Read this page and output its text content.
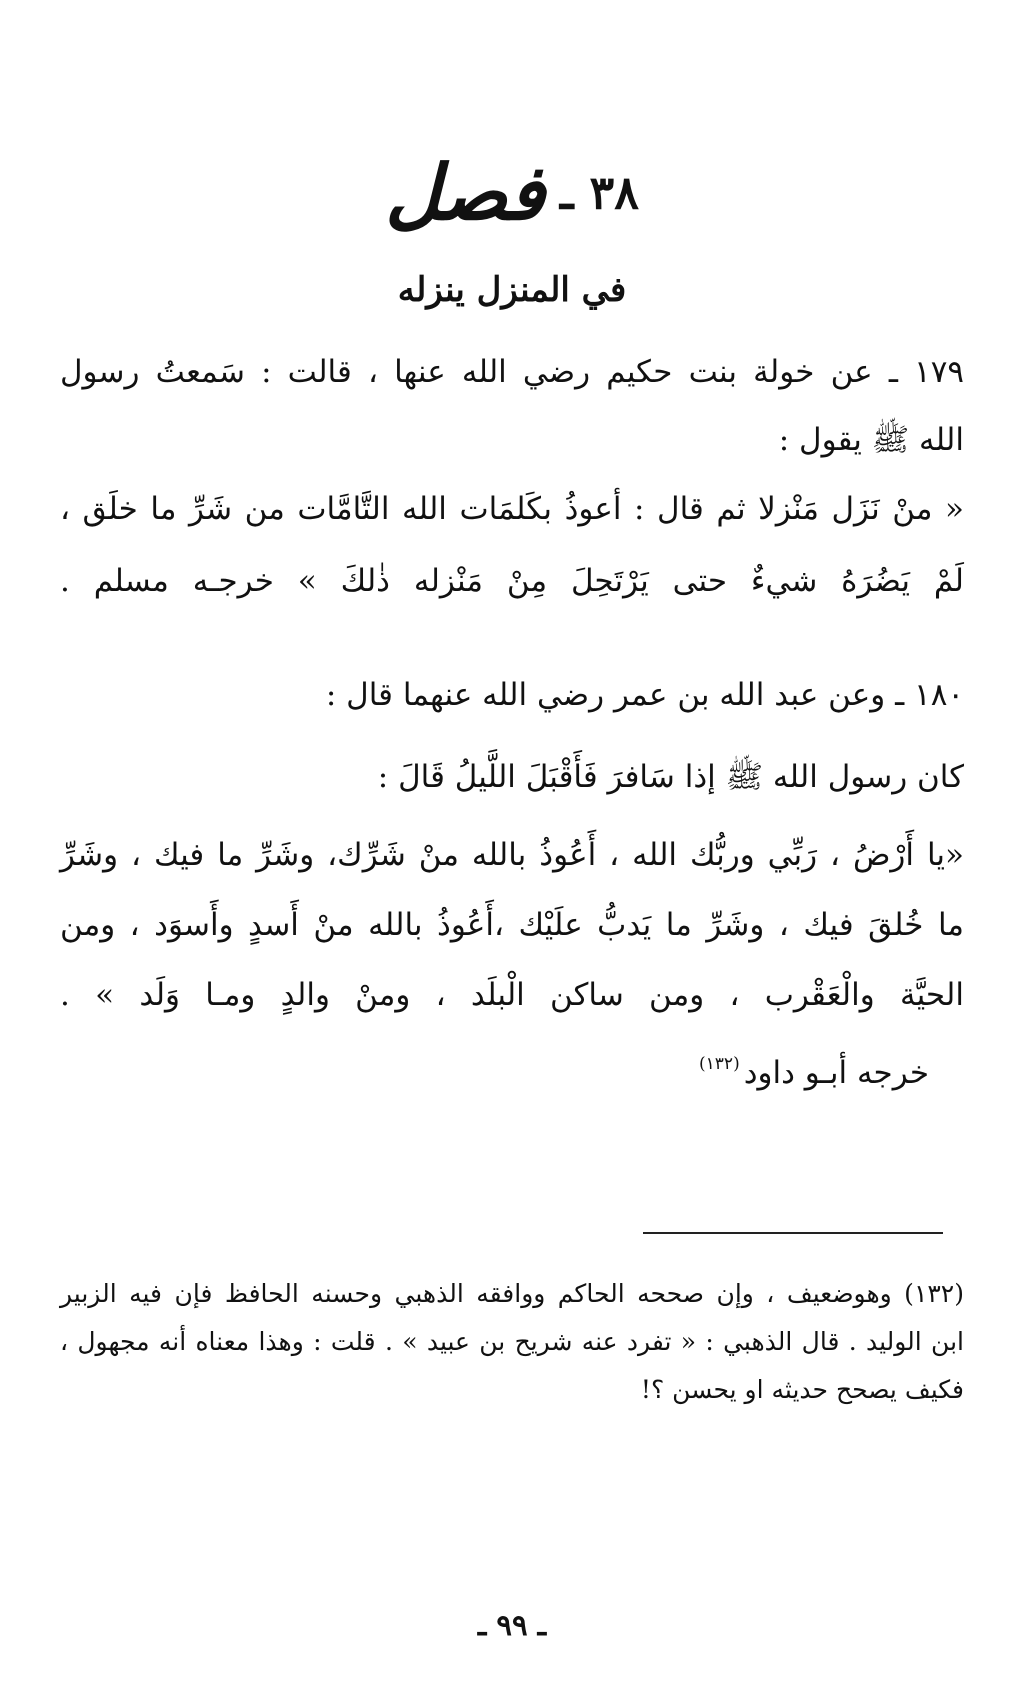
٣٨ ـ فصل
في المنزل ينزله
١٧٩ ـ عن خولة بنت حكيم رضي الله عنها ، قالت : سَمعتُ رسول
الله ﷺ يقول :
« منْ نَزَل مَنْزلا ثم قال : أعوذُ بكَلمَات الله التَّامَّات من شَرِّ ما خلَق ،
لَمْ يَضُرَهُ شيءٌ حتى يَرْتَحِلَ مِنْ مَنْزله ذٰلكَ » خرجـه مسلم .
١٨٠ ـ وعن عبد الله بن عمر رضي الله عنهما قال :
كان رسول الله ﷺ إذا سَافرَ فَأَقْبَلَ اللَّيلُ قَالَ :
«يا أَرْضُ ، رَبِّي وربُّك الله ، أَعُوذُ بالله منْ شَرِّك، وشَرِّ ما فيك ، وشَرِّ
ما خُلقَ فيك ، وشَرِّ ما يَدبُّ علَيْك ،أَعُوذُ بالله منْ أَسدٍ وأَسوَد ، ومن
الحيَّة والْعَقْرب ، ومن ساكن الْبلَد ، ومنْ والدٍ ومـا وَلَد » .
خرجه أبـو داود$^{(١٣٢)}$
(١٣٢) وهوضعيف ، وإن صححه الحاكم ووافقه الذهبي وحسنه الحافظ فإن فيه الزبير
ابن الوليد . قال الذهبي : « تفرد عنه شريح بن عبيد » . قلت : وهذا معناه أنه مجهول ،
فكيف يصحح حديثه او يحسن ؟!
ـ ٩٩ ـ
